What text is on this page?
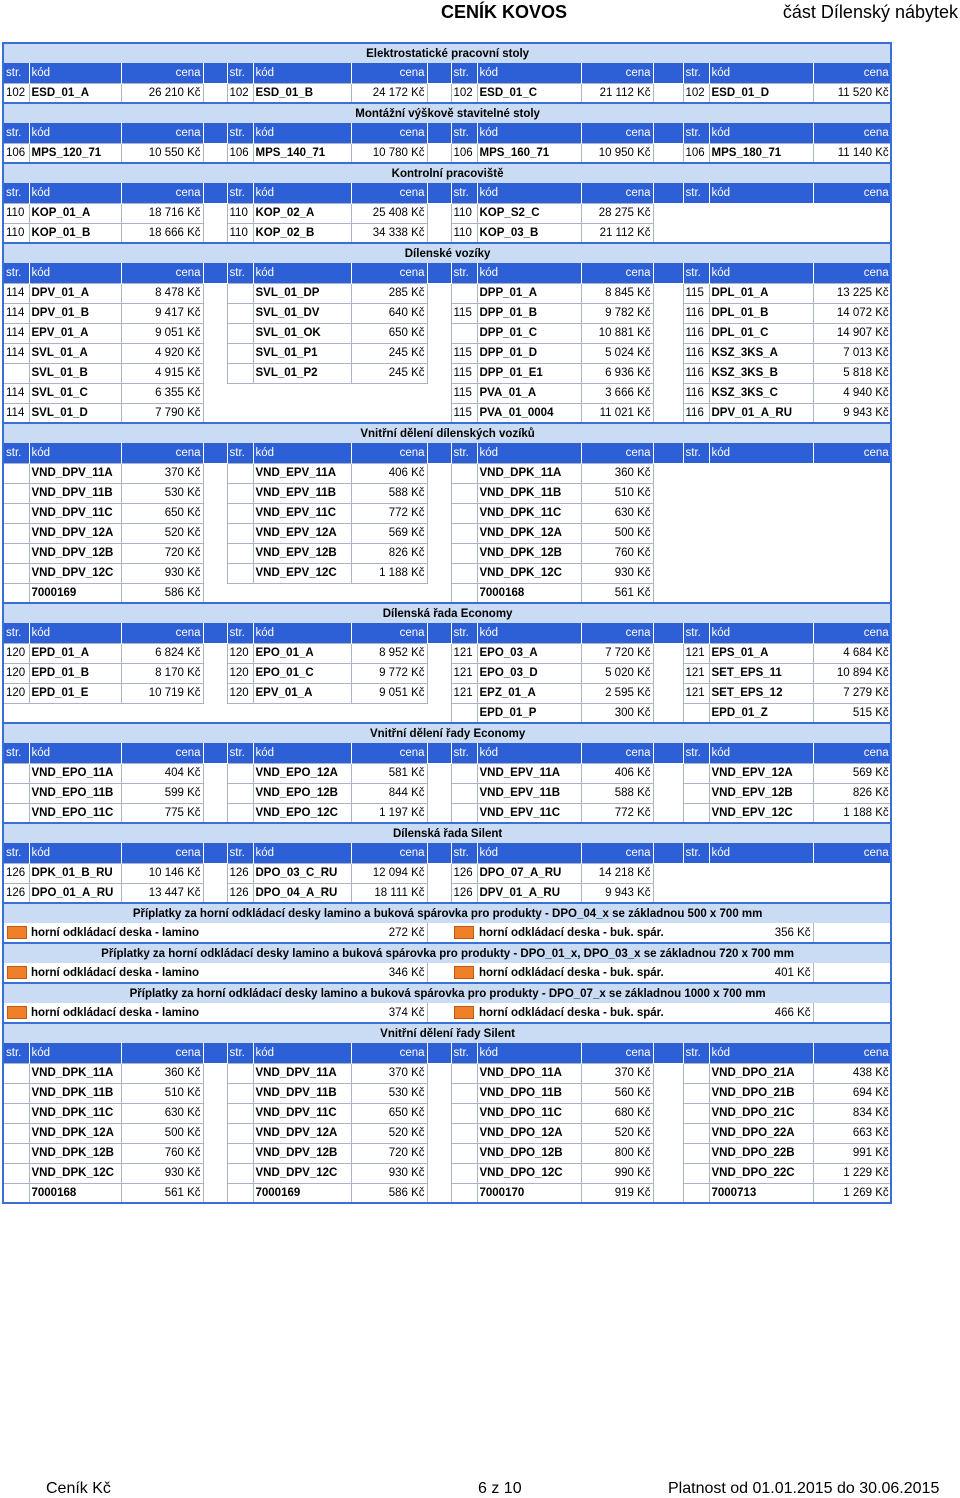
CENÍK KOVOS	část Dílenský nábytek
Elektrostatické pracovní stoly														
str.	kód	cena		str.	kód	cena		str.	kód	cena		str.	kód	cena
102	ESD_01_A	26 210 Kč		102	ESD_01_B	24 172 Kč		102	ESD_01_C	21 112 Kč		102	ESD_01_D	11 520 Kč
Montážní výškově stavitelné stoly														
str.	kód	cena		str.	kód	cena		str.	kód	cena		str.	kód	cena
106	MPS_120_71	10 550 Kč		106	MPS_140_71	10 780 Kč		106	MPS_160_71	10 950 Kč		106	MPS_180_71	11 140 Kč
Kontrolní pracoviště														
str.	kód	cena		str.	kód	cena		str.	kód	cena		str.	kód	cena
110	KOP_01_A	18 716 Kč		110	KOP_02_A	25 408 Kč		110	KOP_S2_C	28 275 Kč				
110	KOP_01_B	18 666 Kč		110	KOP_02_B	34 338 Kč		110	KOP_03_B	21 112 Kč				
Dílenské vozíky														
str.	kód	cena		str.	kód	cena		str.	kód	cena		str.	kód	cena
114	DPV_01_A	8 478 Kč			SVL_01_DP	285 Kč			DPP_01_A	8 845 Kč		115	DPL_01_A	13 225 Kč
114	DPV_01_B	9 417 Kč			SVL_01_DV	640 Kč		115	DPP_01_B	9 782 Kč		116	DPL_01_B	14 072 Kč
114	EPV_01_A	9 051 Kč			SVL_01_OK	650 Kč			DPP_01_C	10 881 Kč		116	DPL_01_C	14 907 Kč
114	SVL_01_A	4 920 Kč			SVL_01_P1	245 Kč		115	DPP_01_D	5 024 Kč		116	KSZ_3KS_A	7 013 Kč
	SVL_01_B	4 915 Kč			SVL_01_P2	245 Kč		115	DPP_01_E1	6 936 Kč		116	KSZ_3KS_B	5 818 Kč
114	SVL_01_C	6 355 Kč						115	PVA_01_A	3 666 Kč		116	KSZ_3KS_C	4 940 Kč
114	SVL_01_D	7 790 Kč						115	PVA_01_0004	11 021 Kč		116	DPV_01_A_RU	9 943 Kč
Vnitřní dělení dílenských vozíků														
str.	kód	cena		str.	kód	cena		str.	kód	cena		str.	kód	cena
	VND_DPV_11A	370 Kč			VND_EPV_11A	406 Kč			VND_DPK_11A	360 Kč				
	VND_DPV_11B	530 Kč			VND_EPV_11B	588 Kč			VND_DPK_11B	510 Kč				
	VND_DPV_11C	650 Kč			VND_EPV_11C	772 Kč			VND_DPK_11C	630 Kč				
	VND_DPV_12A	520 Kč			VND_EPV_12A	569 Kč			VND_DPK_12A	500 Kč				
	VND_DPV_12B	720 Kč			VND_EPV_12B	826 Kč			VND_DPK_12B	760 Kč				
	VND_DPV_12C	930 Kč			VND_EPV_12C	1 188 Kč			VND_DPK_12C	930 Kč				
	7000169	586 Kč							7000168	561 Kč				
Dílenská řada Economy														
str.	kód	cena		str.	kód	cena		str.	kód	cena		str.	kód	cena
120	EPD_01_A	6 824 Kč		120	EPO_01_A	8 952 Kč		121	EPO_03_A	7 720 Kč		121	EPS_01_A	4 684 Kč
120	EPD_01_B	8 170 Kč		120	EPO_01_C	9 772 Kč		121	EPO_03_D	5 020 Kč		121	SET_EPS_11	10 894 Kč
120	EPD_01_E	10 719 Kč		120	EPV_01_A	9 051 Kč		121	EPZ_01_A	2 595 Kč		121	SET_EPS_12	7 279 Kč
									EPD_01_P	300 Kč			EPD_01_Z	515 Kč
Vnitřní dělení řady Economy														
str.	kód	cena		str.	kód	cena		str.	kód	cena		str.	kód	cena
	VND_EPO_11A	404 Kč			VND_EPO_12A	581 Kč			VND_EPV_11A	406 Kč			VND_EPV_12A	569 Kč
	VND_EPO_11B	599 Kč			VND_EPO_12B	844 Kč			VND_EPV_11B	588 Kč			VND_EPV_12B	826 Kč
	VND_EPO_11C	775 Kč			VND_EPO_12C	1 197 Kč			VND_EPV_11C	772 Kč			VND_EPV_12C	1 188 Kč
Dílenská řada Silent														
str.	kód	cena		str.	kód	cena		str.	kód	cena		str.	kód	cena
126	DPK_01_B_RU	10 146 Kč		126	DPO_03_C_RU	12 094 Kč		126	DPO_07_A_RU	14 218 Kč				
126	DPO_01_A_RU	13 447 Kč		126	DPO_04_A_RU	18 111 Kč		126	DPV_01_A_RU	9 943 Kč				
Příplatky za horní odkládací desky lamino a buková spárovka pro produkty - DPO_04_x se základnou 500 x 700 mm														
	horní odkládací deska - lamino					272 Kč			horní odkládací deska - buk. spár.				356 Kč	
Příplatky za horní odkládací desky lamino a buková spárovka pro produkty - DPO_01_x, DPO_03_x se základnou 720 x 700 mm														
	horní odkládací deska - lamino					346 Kč			horní odkládací deska - buk. spár.				401 Kč	
Příplatky za horní odkládací desky lamino a buková spárovka pro produkty - DPO_07_x se základnou 1000 x 700 mm														
	horní odkládací deska - lamino					374 Kč			horní odkládací deska - buk. spár.				466 Kč	
Vnitřní dělení řady Silent														
str.	kód	cena		str.	kód	cena		str.	kód	cena		str.	kód	cena
	VND_DPK_11A	360 Kč			VND_DPV_11A	370 Kč			VND_DPO_11A	370 Kč			VND_DPO_21A	438 Kč
	VND_DPK_11B	510 Kč			VND_DPV_11B	530 Kč			VND_DPO_11B	560 Kč			VND_DPO_21B	694 Kč
	VND_DPK_11C	630 Kč			VND_DPV_11C	650 Kč			VND_DPO_11C	680 Kč			VND_DPO_21C	834 Kč
	VND_DPK_12A	500 Kč			VND_DPV_12A	520 Kč			VND_DPO_12A	520 Kč			VND_DPO_22A	663 Kč
	VND_DPK_12B	760 Kč			VND_DPV_12B	720 Kč			VND_DPO_12B	800 Kč			VND_DPO_22B	991 Kč
	VND_DPK_12C	930 Kč			VND_DPV_12C	930 Kč			VND_DPO_12C	990 Kč			VND_DPO_22C	1 229 Kč
	7000168	561 Kč			7000169	586 Kč			7000170	919 Kč			7000713	1 269 Kč
Ceník Kč	6 z 10	Platnost od 01.01.2015 do 30.06.2015
